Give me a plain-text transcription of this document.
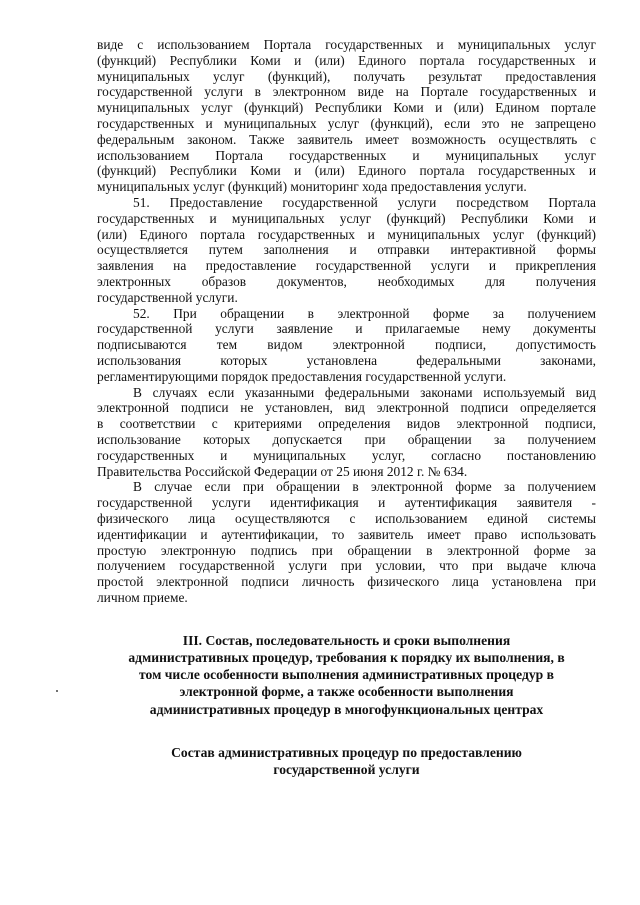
виде с использованием Портала государственных и муниципальных услуг
(функций) Республики Коми и (или) Единого портала государственных и
муниципальных услуг (функций), получать результат предоставления
государственной услуги в электронном виде на Портале государственных и
муниципальных услуг (функций) Республики Коми и (или) Едином портале
государственных и муниципальных услуг (функций), если это не запрещено
федеральным законом. Также заявитель имеет возможность осуществлять с
использованием Портала государственных и муниципальных услуг
(функций) Республики Коми и (или) Единого портала государственных и
муниципальных услуг (функций) мониторинг хода предоставления услуги.

51. Предоставление государственной услуги посредством Портала
государственных и муниципальных услуг (функций) Республики Коми и
(или) Единого портала государственных и муниципальных услуг (функций)
осуществляется путем заполнения и отправки интерактивной формы
заявления на предоставление государственной услуги и прикрепления
электронных образов документов, необходимых для получения
государственной услуги.

52. При обращении в электронной форме за получением
государственной услуги заявление и прилагаемые нему документы
подписываются тем видом электронной подписи, допустимость
использования которых установлена федеральными законами,
регламентирующими порядок предоставления государственной услуги.

В случаях если указанными федеральными законами используемый вид
электронной подписи не установлен, вид электронной подписи определяется
в соответствии с критериями определения видов электронной подписи,
использование которых допускается при обращении за получением
государственных и муниципальных услуг, согласно постановлению
Правительства Российской Федерации от 25 июня 2012 г. № 634.

В случае если при обращении в электронной форме за получением
государственной услуги идентификация и аутентификация заявителя -
физического лица осуществляются с использованием единой системы
идентификации и аутентификации, то заявитель имеет право использовать
простую электронную подпись при обращении в электронной форме за
получением государственной услуги при условии, что при выдаче ключа
простой электронной подписи личность физического лица установлена при
личном приеме.

III. Состав, последовательность и сроки выполнения
административных процедур, требования к порядку их выполнения, в
том числе особенности выполнения административных процедур в
электронной форме, а также особенности выполнения
административных процедур в многофункциональных центрах
Состав административных процедур по предоставлению
государственной услуги
